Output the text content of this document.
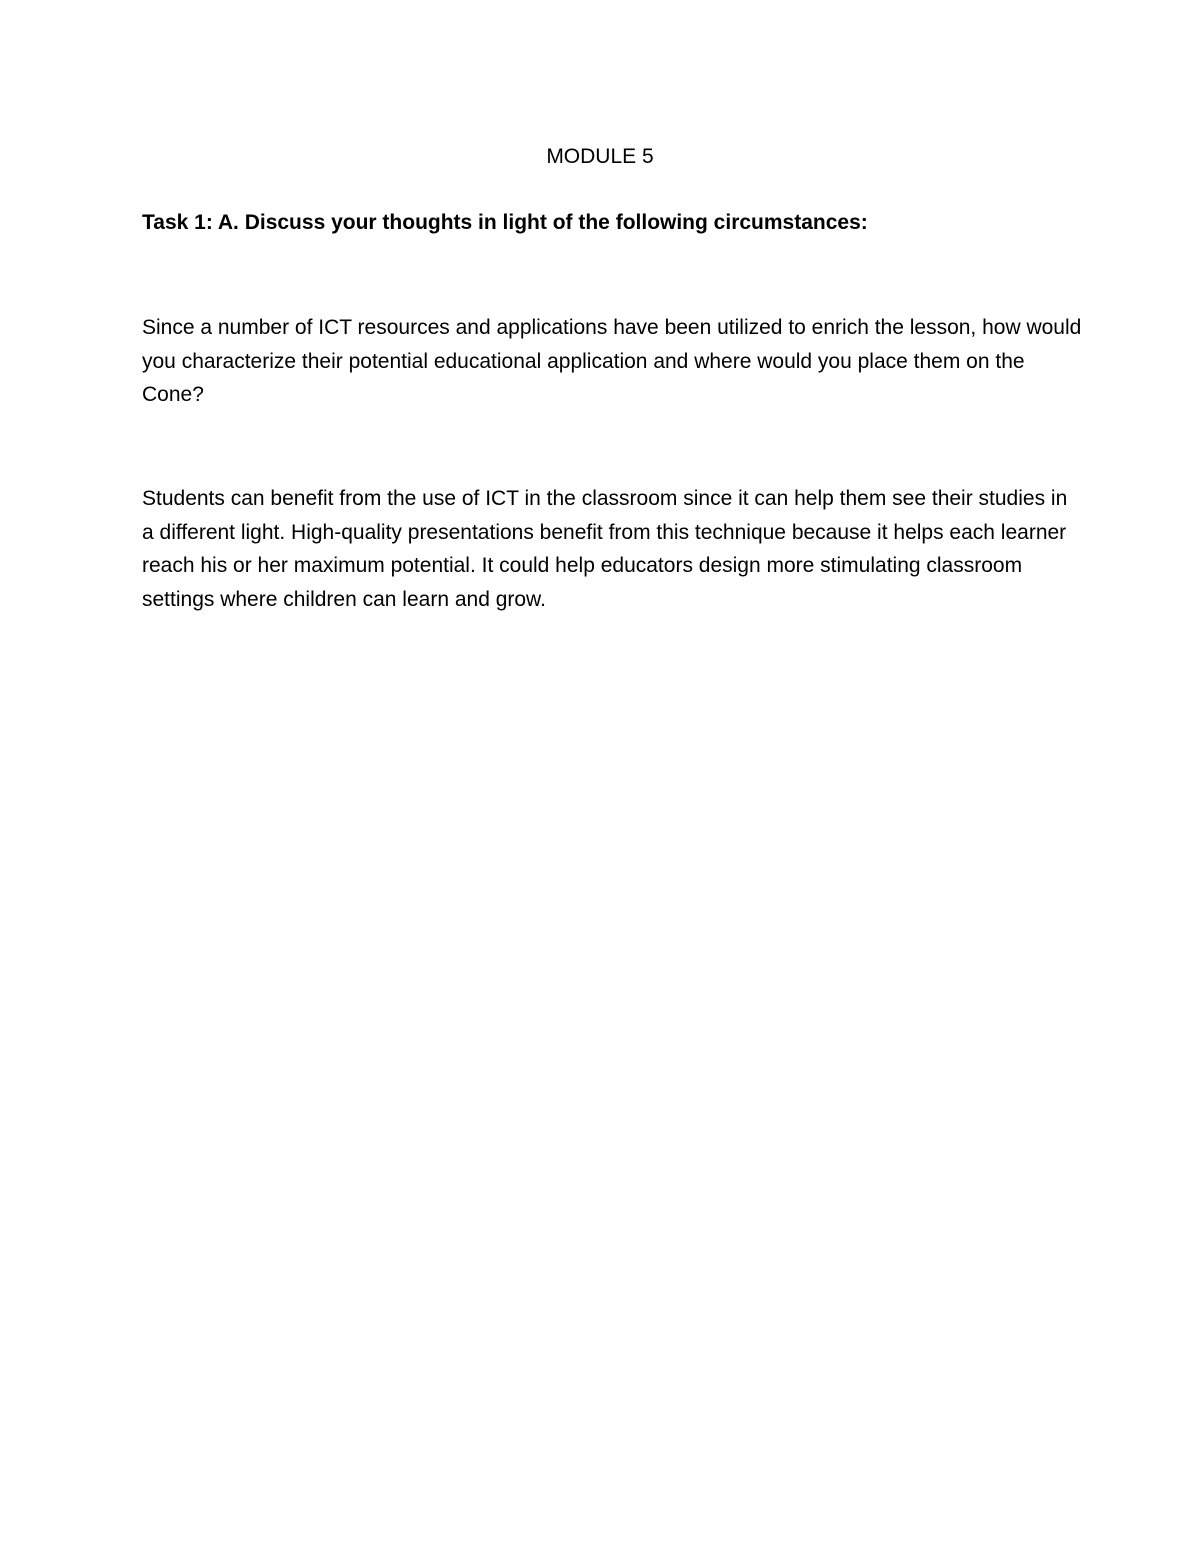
MODULE 5

Task 1: A. Discuss your thoughts in light of the following circumstances:

Since a number of ICT resources and applications have been utilized to enrich the lesson, how would you characterize their potential educational application and where would you place them on the Cone?

Students can benefit from the use of ICT in the classroom since it can help them see their studies in a different light. High-quality presentations benefit from this technique because it helps each learner reach his or her maximum potential. It could help educators design more stimulating classroom settings where children can learn and grow.
